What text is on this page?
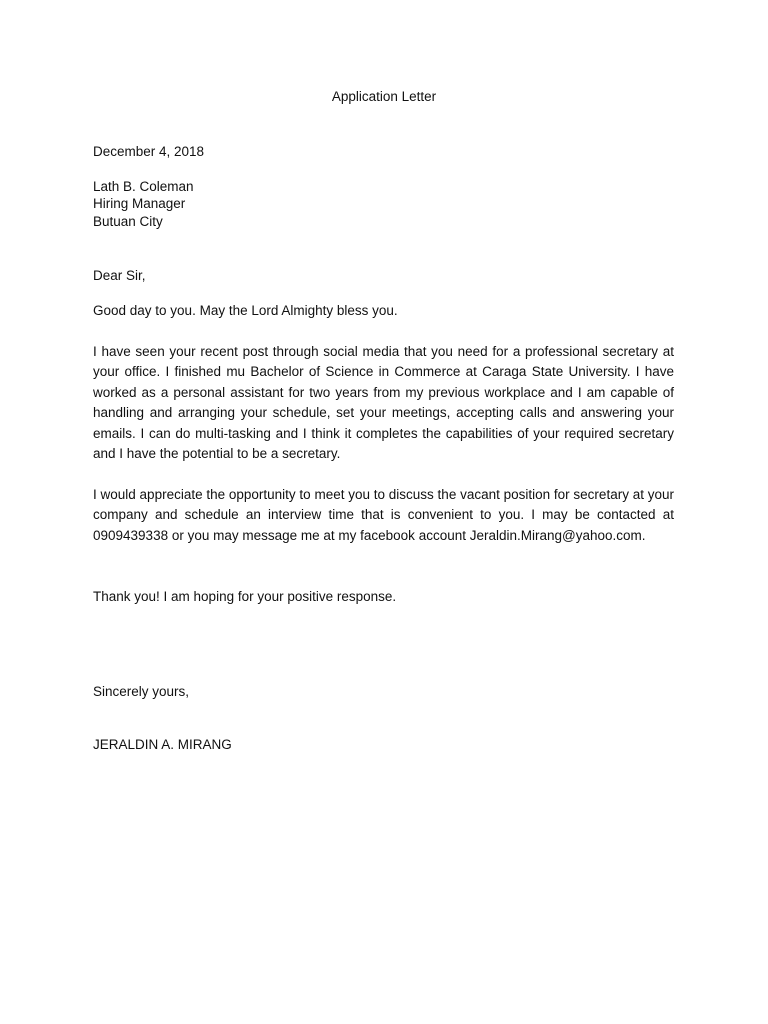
Application Letter
December 4, 2018
Lath B. Coleman
Hiring Manager
Butuan City
Dear Sir,
Good day to you. May the Lord Almighty bless you.

I have seen your recent post through social media that you need for a professional secretary at your office. I finished mu Bachelor of Science in Commerce at Caraga State University. I have worked as a personal assistant for two years from my previous workplace and I am capable of handling and arranging your schedule, set your meetings, accepting calls and answering your emails. I can do multi-tasking and I think it completes the capabilities of your required secretary and I have the potential to be a secretary.

I would appreciate the opportunity to meet you to discuss the vacant position for secretary at your company and schedule an interview time that is convenient to you. I may be contacted at 0909439338 or you may message me at my facebook account Jeraldin.Mirang@yahoo.com.

Thank you! I am hoping for your positive response.
Sincerely yours,
JERALDIN A. MIRANG
